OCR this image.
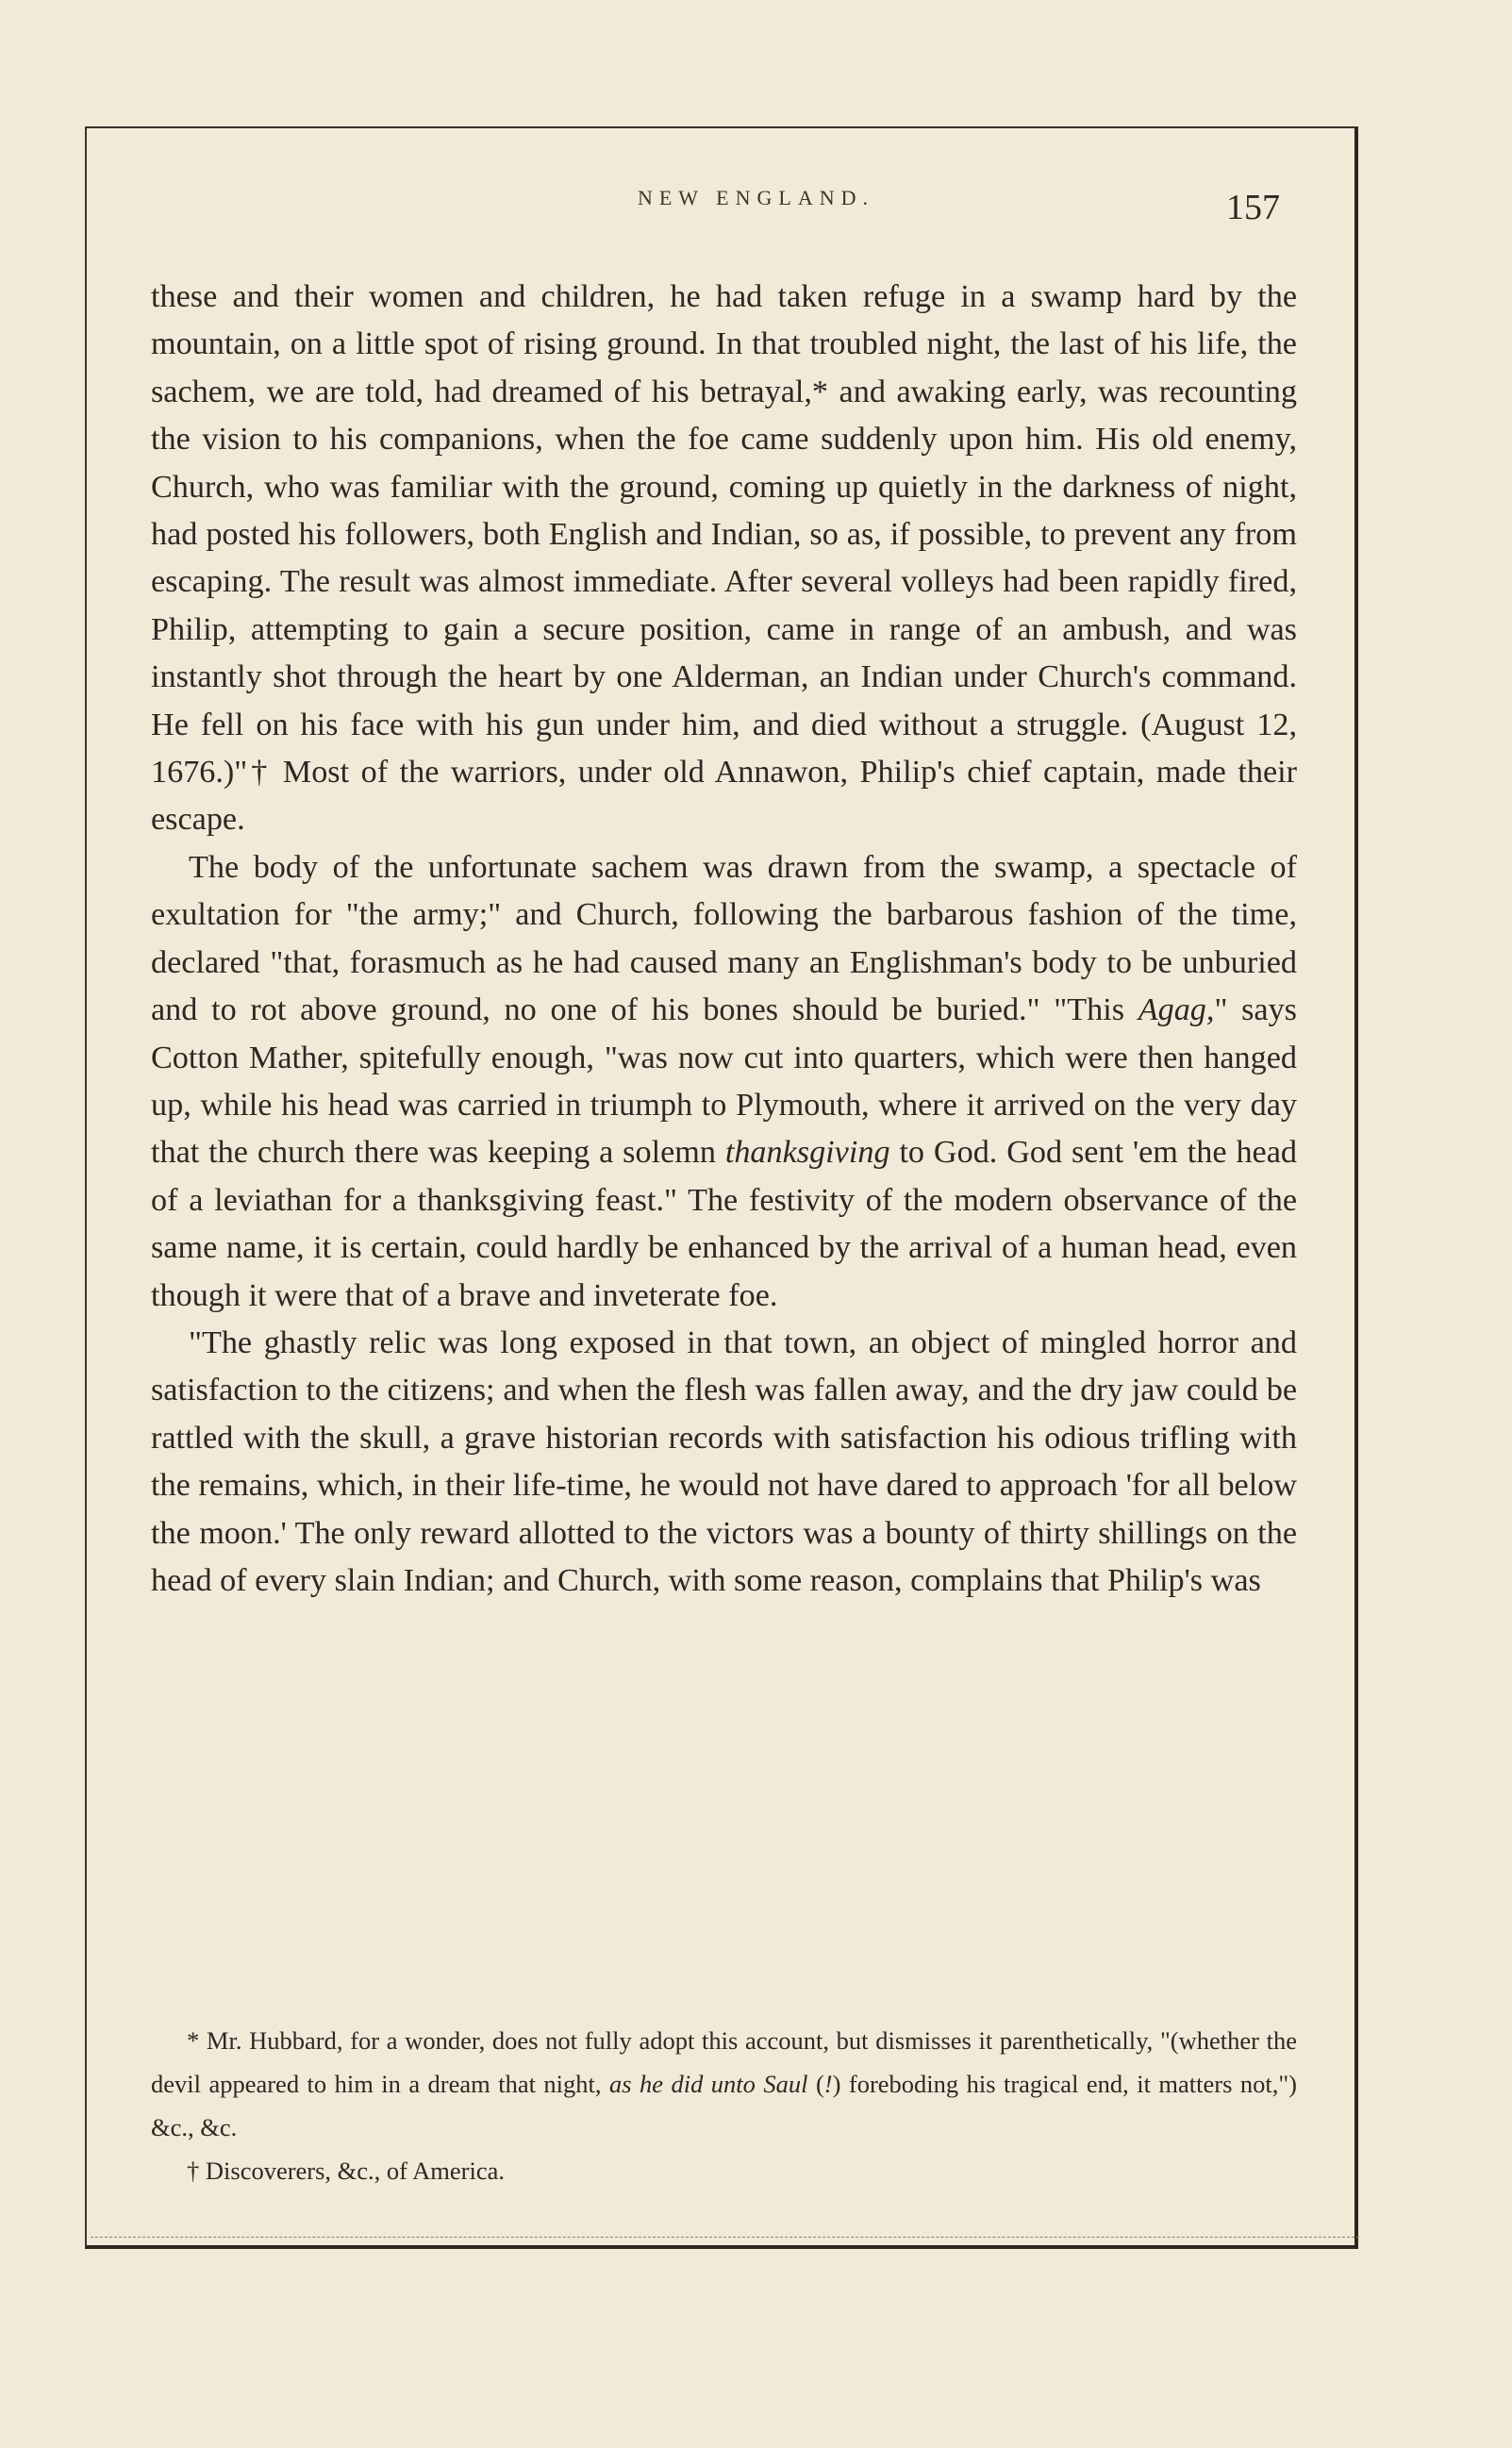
NEW ENGLAND.	157

these and their women and children, he had taken refuge in a swamp hard by the mountain, on a little spot of rising ground. In that troubled night, the last of his life, the sachem, we are told, had dreamed of his betrayal,* and awaking early, was recounting the vision to his companions, when the foe came suddenly upon him. His old enemy, Church, who was familiar with the ground, coming up quietly in the darkness of night, had posted his followers, both English and Indian, so as, if possible, to prevent any from escaping. The result was almost immediate. After several volleys had been rapidly fired, Philip, attempting to gain a secure position, came in range of an ambush, and was instantly shot through the heart by one Alderman, an Indian under Church's command. He fell on his face with his gun under him, and died without a struggle. (August 12, 1676.)"† Most of the warriors, under old Annawon, Philip's chief captain, made their escape.

The body of the unfortunate sachem was drawn from the swamp, a spectacle of exultation for "the army;" and Church, following the barbarous fashion of the time, declared "that, forasmuch as he had caused many an Englishman's body to be unburied and to rot above ground, no one of his bones should be buried." "This Agag," says Cotton Mather, spitefully enough, "was now cut into quarters, which were then hanged up, while his head was carried in triumph to Plymouth, where it arrived on the very day that the church there was keeping a solemn thanksgiving to God. God sent 'em the head of a leviathan for a thanksgiving feast." The festivity of the modern observance of the same name, it is certain, could hardly be enhanced by the arrival of a human head, even though it were that of a brave and inveterate foe.

"The ghastly relic was long exposed in that town, an object of mingled horror and satisfaction to the citizens; and when the flesh was fallen away, and the dry jaw could be rattled with the skull, a grave historian records with satisfaction his odious trifling with the remains, which, in their life-time, he would not have dared to approach 'for all below the moon.' The only reward allotted to the victors was a bounty of thirty shillings on the head of every slain Indian; and Church, with some reason, complains that Philip's was

* Mr. Hubbard, for a wonder, does not fully adopt this account, but dismisses it parenthetically, "(whether the devil appeared to him in a dream that night, as he did unto Saul (!) foreboding his tragical end, it matters not,") &c., &c.

† Discoverers, &c., of America.
